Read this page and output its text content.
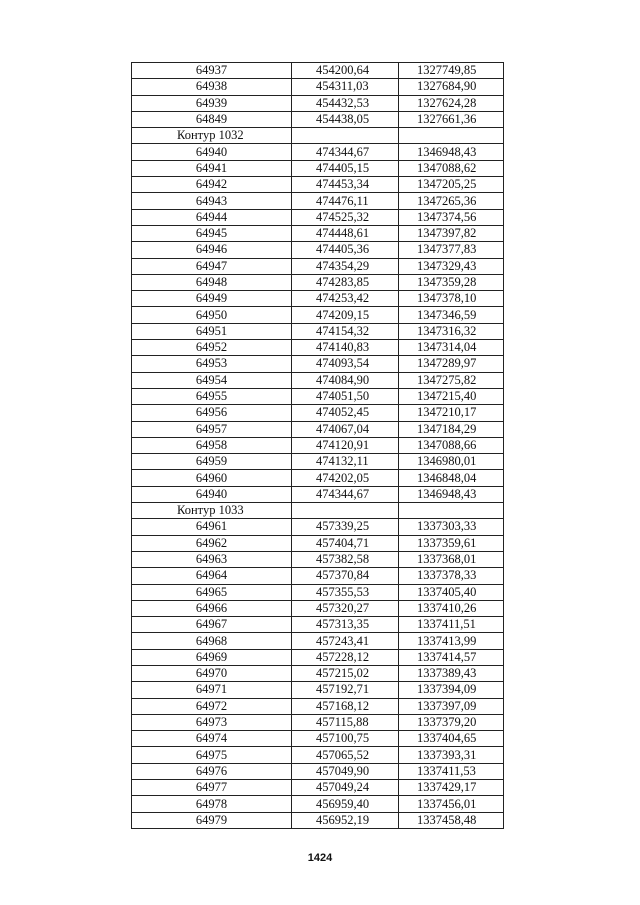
64937	454200,64	1327749,85
64938	454311,03	1327684,90
64939	454432,53	1327624,28
64849	454438,05	1327661,36
Контур 1032		
64940	474344,67	1346948,43
64941	474405,15	1347088,62
64942	474453,34	1347205,25
64943	474476,11	1347265,36
64944	474525,32	1347374,56
64945	474448,61	1347397,82
64946	474405,36	1347377,83
64947	474354,29	1347329,43
64948	474283,85	1347359,28
64949	474253,42	1347378,10
64950	474209,15	1347346,59
64951	474154,32	1347316,32
64952	474140,83	1347314,04
64953	474093,54	1347289,97
64954	474084,90	1347275,82
64955	474051,50	1347215,40
64956	474052,45	1347210,17
64957	474067,04	1347184,29
64958	474120,91	1347088,66
64959	474132,11	1346980,01
64960	474202,05	1346848,04
64940	474344,67	1346948,43
Контур 1033		
64961	457339,25	1337303,33
64962	457404,71	1337359,61
64963	457382,58	1337368,01
64964	457370,84	1337378,33
64965	457355,53	1337405,40
64966	457320,27	1337410,26
64967	457313,35	1337411,51
64968	457243,41	1337413,99
64969	457228,12	1337414,57
64970	457215,02	1337389,43
64971	457192,71	1337394,09
64972	457168,12	1337397,09
64973	457115,88	1337379,20
64974	457100,75	1337404,65
64975	457065,52	1337393,31
64976	457049,90	1337411,53
64977	457049,24	1337429,17
64978	456959,40	1337456,01
64979	456952,19	1337458,48
1424
